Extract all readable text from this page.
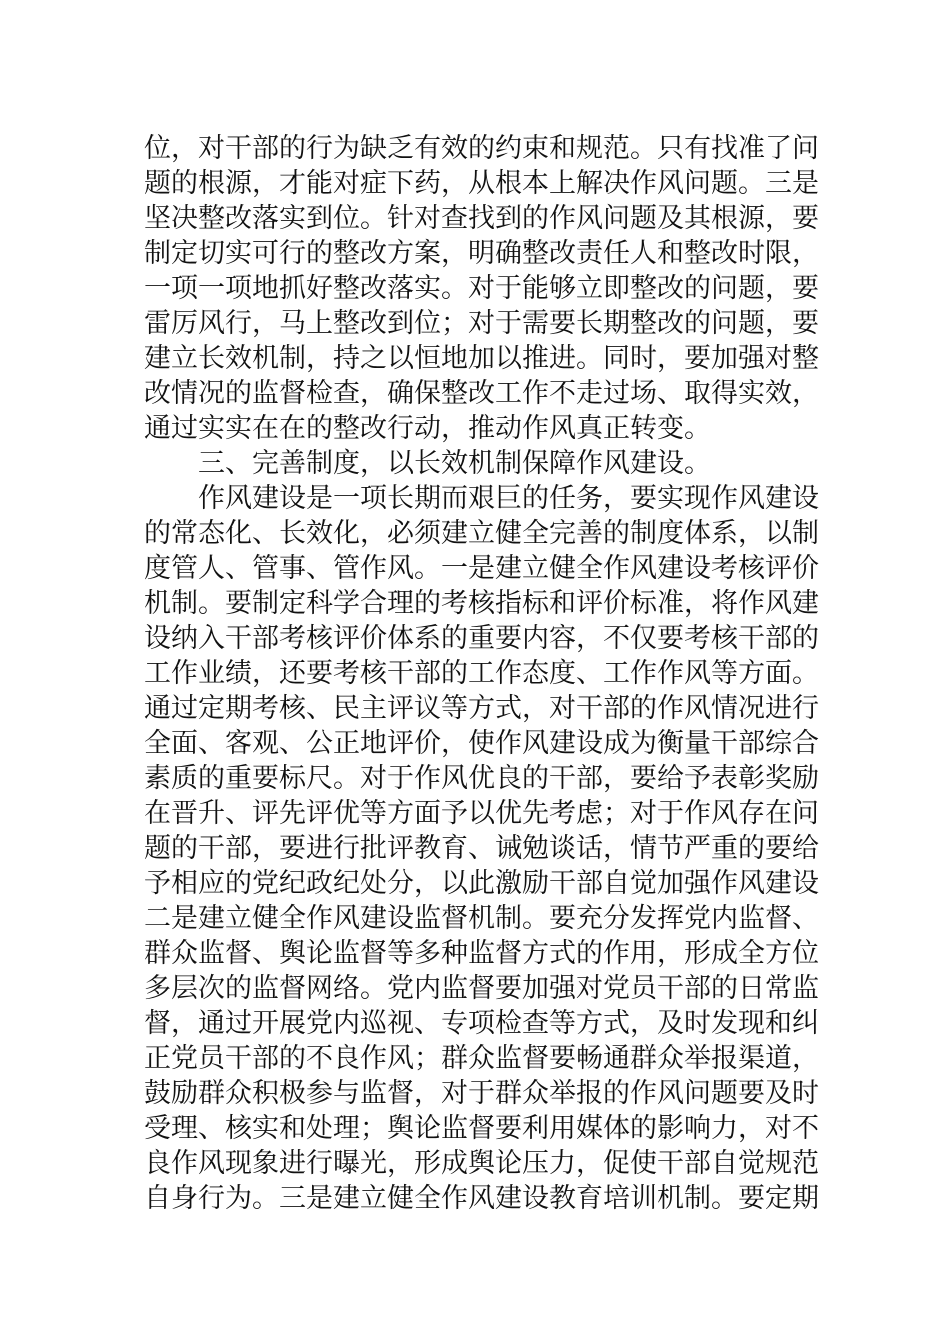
位，对干部的行为缺乏有效的约束和规范。只有找准了问
题的根源，才能对症下药，从根本上解决作风问题。三是
坚决整改落实到位。针对查找到的作风问题及其根源，要
制定切实可行的整改方案，明确整改责任人和整改时限，
一项一项地抓好整改落实。对于能够立即整改的问题，要
雷厉风行，马上整改到位；对于需要长期整改的问题，要
建立长效机制，持之以恒地加以推进。同时，要加强对整
改情况的监督检查，确保整改工作不走过场、取得实效，
通过实实在在的整改行动，推动作风真正转变。
三、完善制度，以长效机制保障作风建设。
作风建设是一项长期而艰巨的任务，要实现作风建设
的常态化、长效化，必须建立健全完善的制度体系，以制
度管人、管事、管作风。一是建立健全作风建设考核评价
机制。要制定科学合理的考核指标和评价标准，将作风建
设纳入干部考核评价体系的重要内容，不仅要考核干部的
工作业绩，还要考核干部的工作态度、工作作风等方面。
通过定期考核、民主评议等方式，对干部的作风情况进行
全面、客观、公正地评价，使作风建设成为衡量干部综合
素质的重要标尺。对于作风优良的干部，要给予表彰奖励
在晋升、评先评优等方面予以优先考虑；对于作风存在问
题的干部，要进行批评教育、诫勉谈话，情节严重的要给
予相应的党纪政纪处分，以此激励干部自觉加强作风建设
二是建立健全作风建设监督机制。要充分发挥党内监督、
群众监督、舆论监督等多种监督方式的作用，形成全方位
多层次的监督网络。党内监督要加强对党员干部的日常监
督，通过开展党内巡视、专项检查等方式，及时发现和纠
正党员干部的不良作风；群众监督要畅通群众举报渠道，
鼓励群众积极参与监督，对于群众举报的作风问题要及时
受理、核实和处理；舆论监督要利用媒体的影响力，对不
良作风现象进行曝光，形成舆论压力，促使干部自觉规范
自身行为。三是建立健全作风建设教育培训机制。要定期
